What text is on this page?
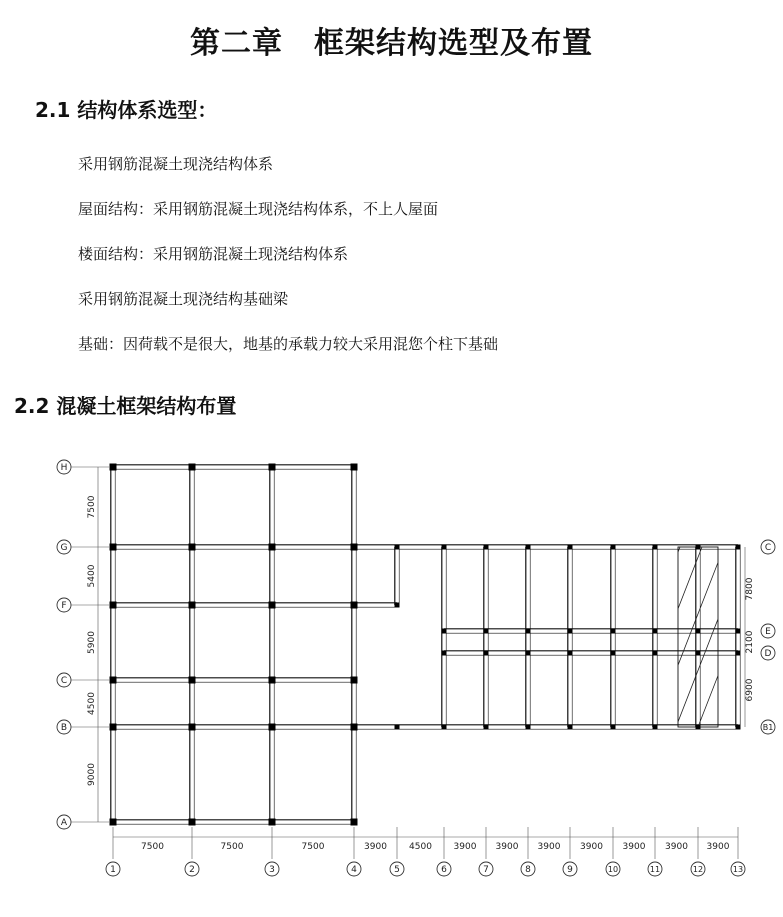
第二章　框架结构选型及布置
2.1 结构体系选型：

采用钢筋混凝土现浇结构体系

屋面结构：采用钢筋混凝土现浇结构体系，不上人屋面

楼面结构：采用钢筋混凝土现浇结构体系

采用钢筋混凝土现浇结构基础梁

基础：因荷载不是很大，地基的承载力较大采用混您个柱下基础

2.2 混凝土框架结构布置
H
7500
G
5400
F
5900
C
4500
B
9000
A
C
7800
E
2100
D
6900
B1
1
7500
2
7500
3
7500
4
3900
5
4500
6
3900
7
3900
8
3900
9
3900
10
3900
11
3900
12
3900
13
